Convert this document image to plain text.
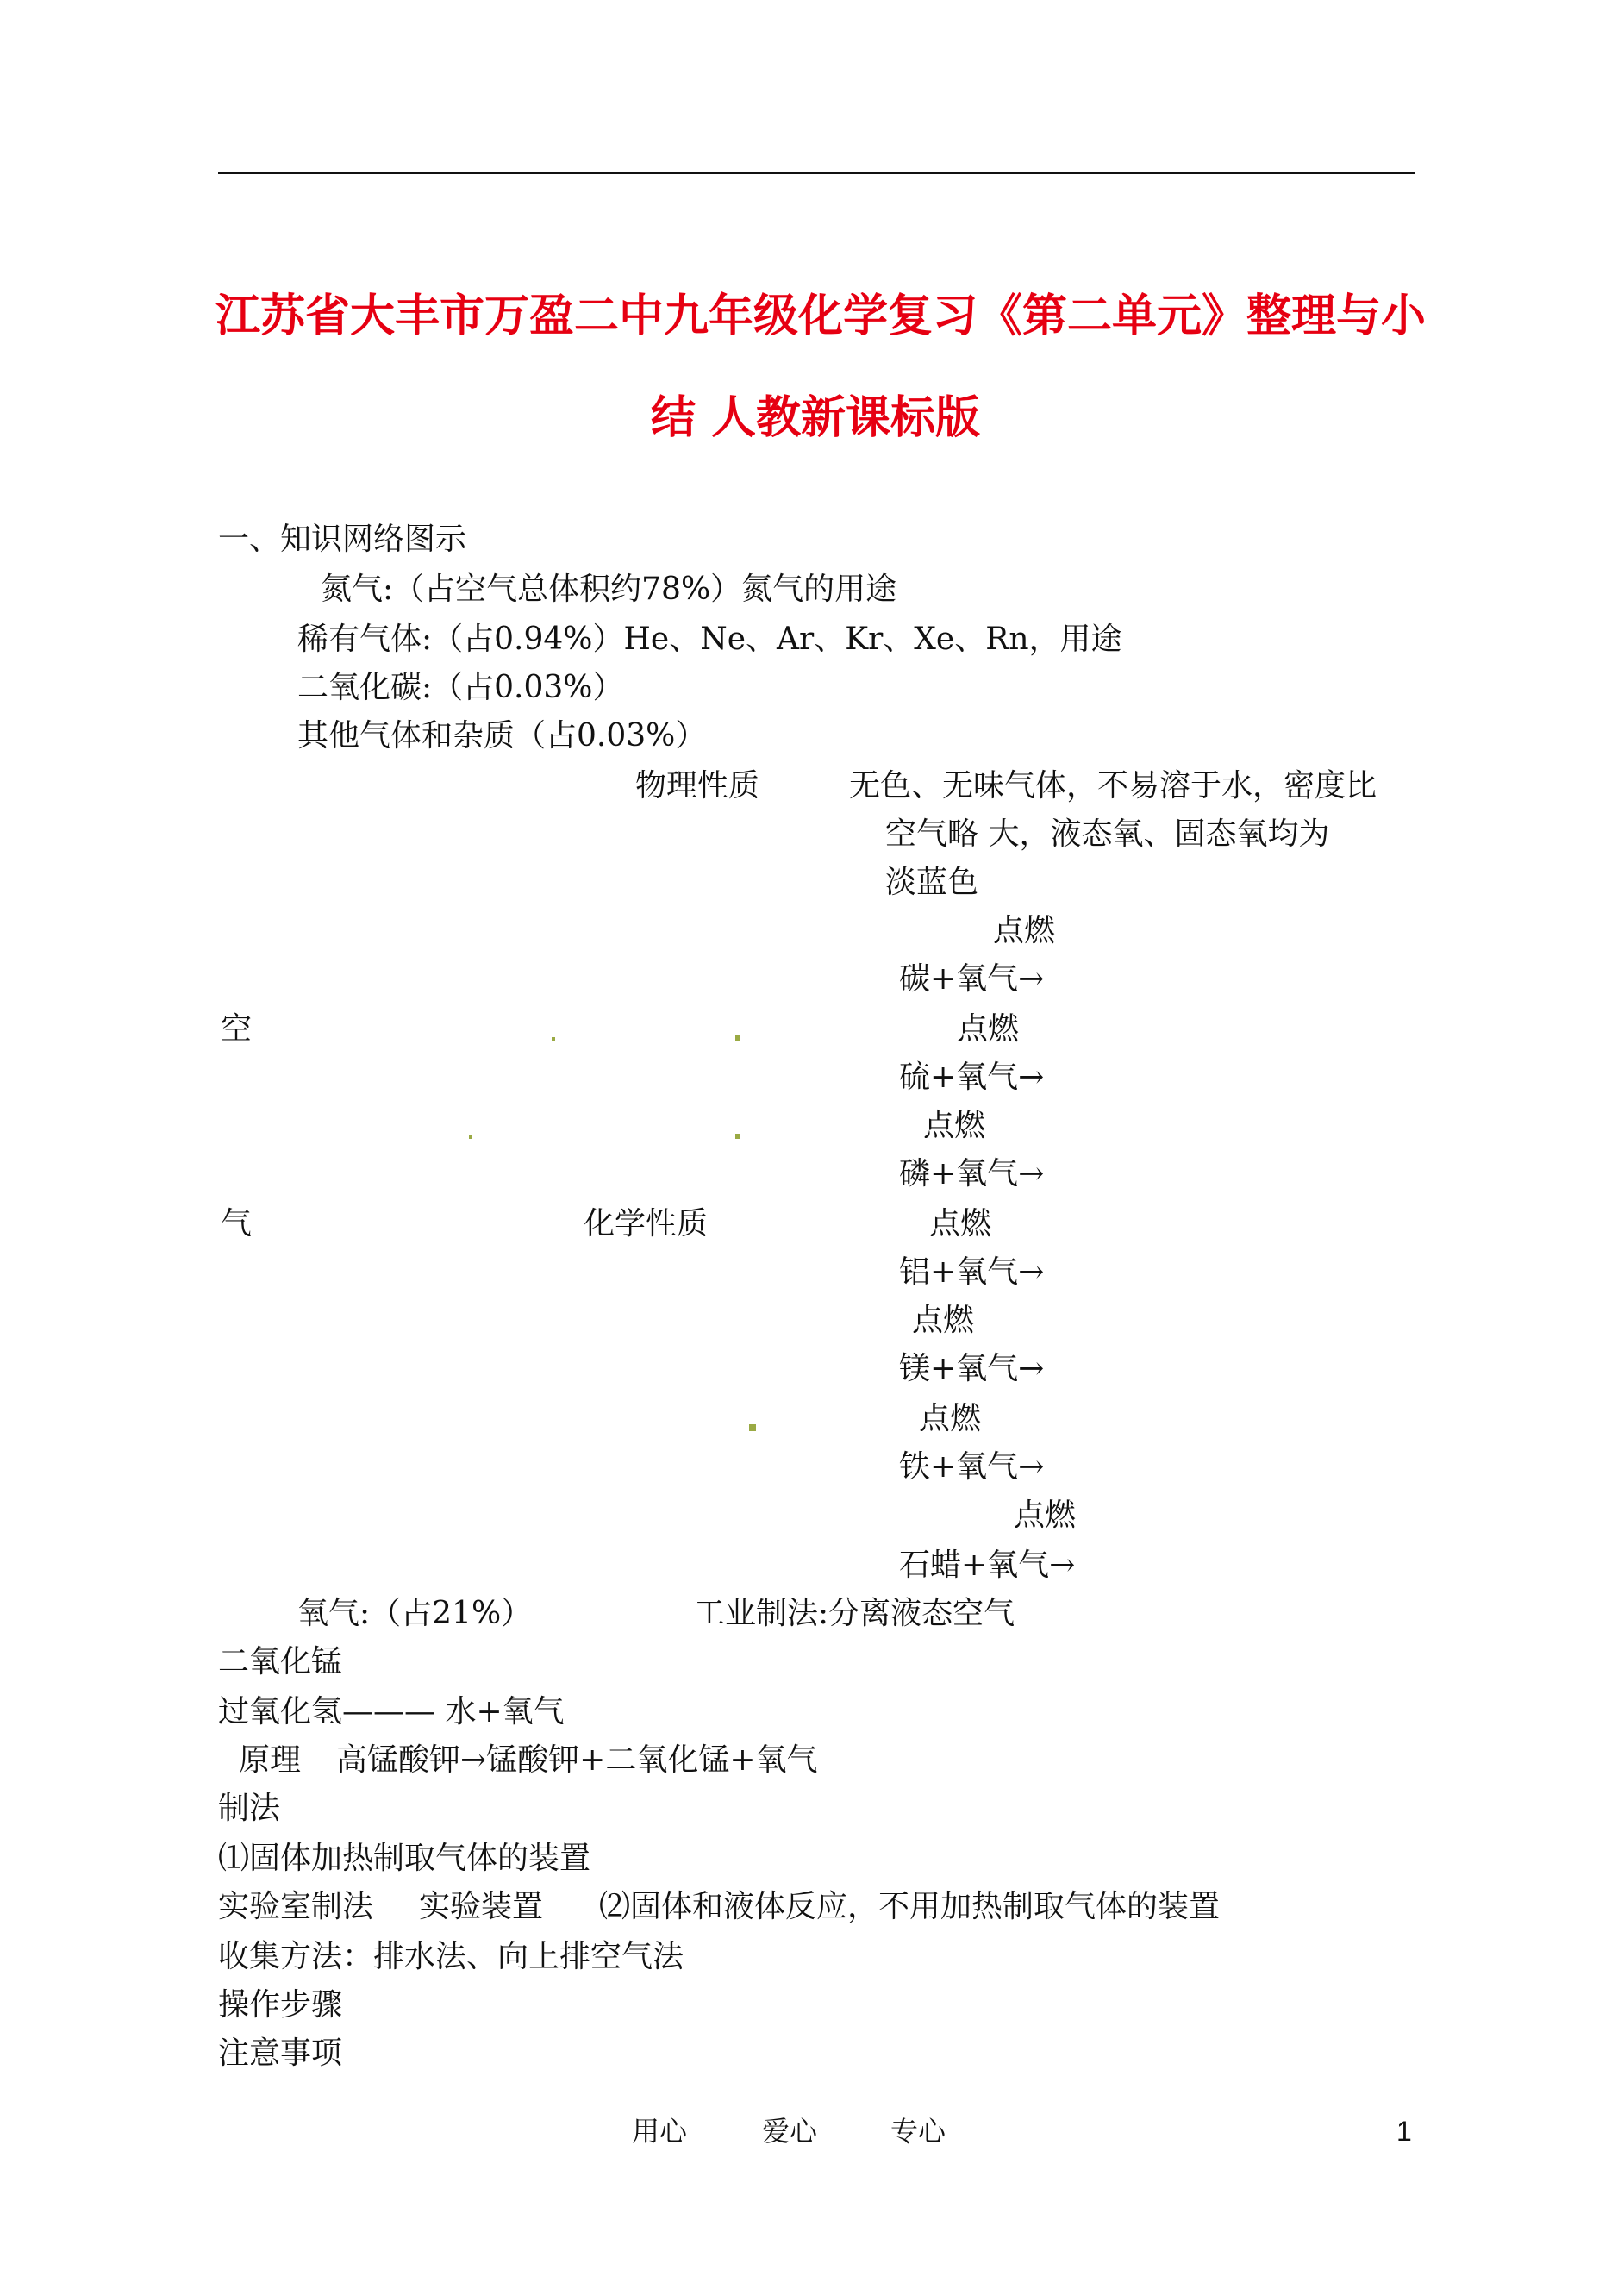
江苏省大丰市万盈二中九年级化学复习《第二单元》整理与小
结 人教新课标版
一、知识网络图示
氮气:（占空气总体积约78%）氮气的用途
稀有气体:（占0.94%）He、Ne、Ar、Kr、Xe、Rn，用途
二氧化碳:（占0.03%）
其他气体和杂质（占0.03%）
物理性质	无色、无味气体，不易溶于水，密度比
空气略 大，液态氧、固态氧均为
淡蓝色
点燃
碳+氧气→
空	点燃
硫+氧气→
点燃
磷+氧气→
气	化学性质	点燃
铝+氧气→
点燃
镁+氧气→
点燃
铁+氧气→
点燃
石蜡+氧气→
氧气:（占21%）	工业制法:分离液态空气
二氧化锰
过氧化氢——— 水+氧气
原理 高锰酸钾→锰酸钾+二氧化锰+氧气
制法
⑴固体加热制取气体的装置
实验室制法 实验装置 ⑵固体和液体反应，不用加热制取气体的装置
收集方法：排水法、向上排空气法
操作步骤
注意事项
用心	爱心	专心	1
